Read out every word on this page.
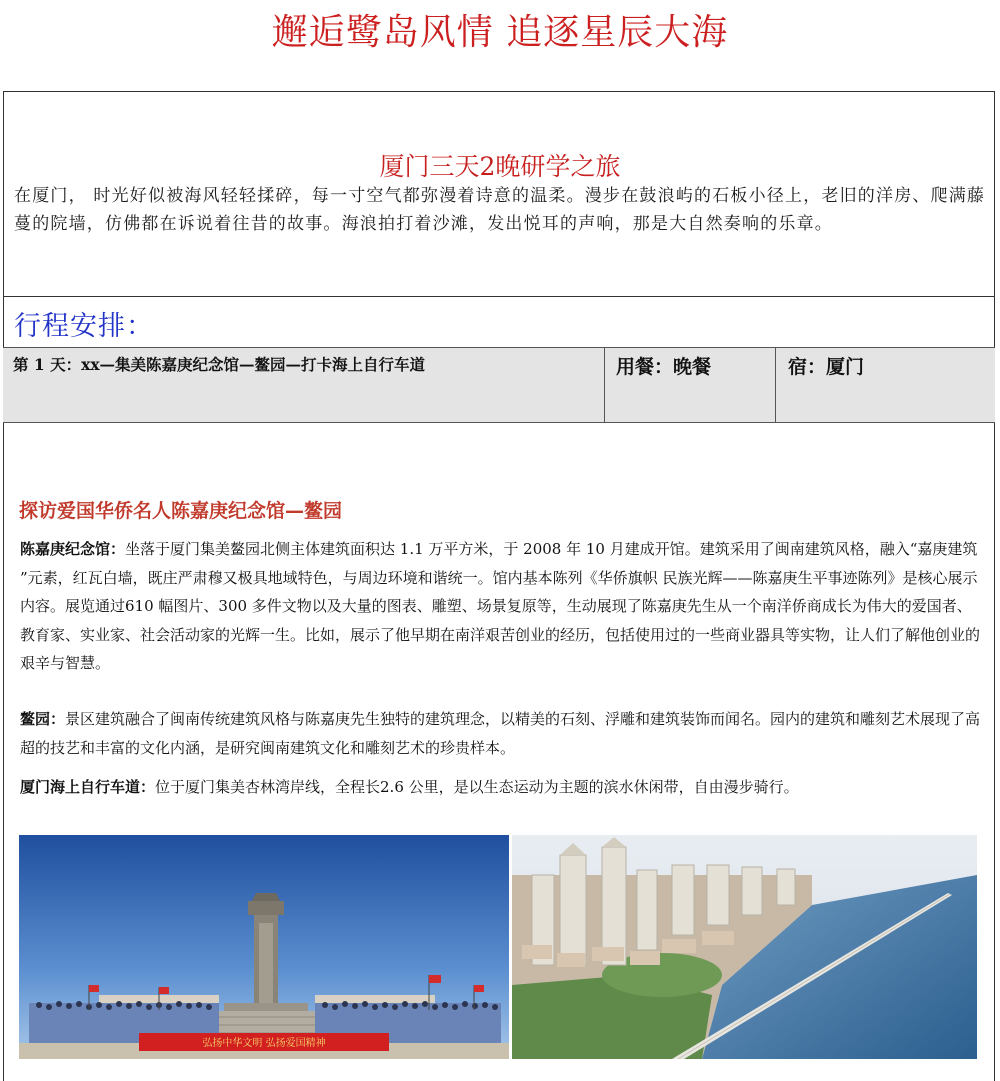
邂逅鹭岛风情 追逐星辰大海
厦门三天2晚研学之旅
在厦门， 时光好似被海风轻轻揉碎，每一寸空气都弥漫着诗意的温柔。漫步在鼓浪屿的石板小径上，老旧的洋房、爬满藤蔓的院墙，仿佛都在诉说着往昔的故事。海浪拍打着沙滩，发出悦耳的声响，那是大自然奏响的乐章。
行程安排：
第 1 天：xx—集美陈嘉庚纪念馆—鳌园—打卡海上自行车道	用餐：晚餐	宿：厦门
探访爱国华侨名人陈嘉庚纪念馆—鳌园
陈嘉庚纪念馆：坐落于厦门集美鳌园北侧主体建筑面积达 1.1 万平方米，于 2008 年 10 月建成开馆。建筑采用了闽南建筑风格，融入“嘉庚建筑 ”元素，红瓦白墙，既庄严肃穆又极具地域特色，与周边环境和谐统一。馆内基本陈列《华侨旗帜 民族光辉——陈嘉庚生平事迹陈列》是核心展示内容。展览通过610 幅图片、300 多件文物以及大量的图表、雕塑、场景复原等，生动展现了陈嘉庚先生从一个南洋侨商成长为伟大的爱国者、教育家、实业家、社会活动家的光辉一生。比如，展示了他早期在南洋艰苦创业的经历，包括使用过的一些商业器具等实物，让人们了解他创业的艰辛与智慧。
鳌园：景区建筑融合了闽南传统建筑风格与陈嘉庚先生独特的建筑理念，以精美的石刻、浮雕和建筑装饰而闻名。园内的建筑和雕刻艺术展现了高超的技艺和丰富的文化内涵，是研究闽南建筑文化和雕刻艺术的珍贵样本。
厦门海上自行车道：位于厦门集美杏林湾岸线，全程长2.6 公里，是以生态运动为主题的滨水休闲带，自由漫步骑行。
弘扬中华文明 弘扬爱国精神
